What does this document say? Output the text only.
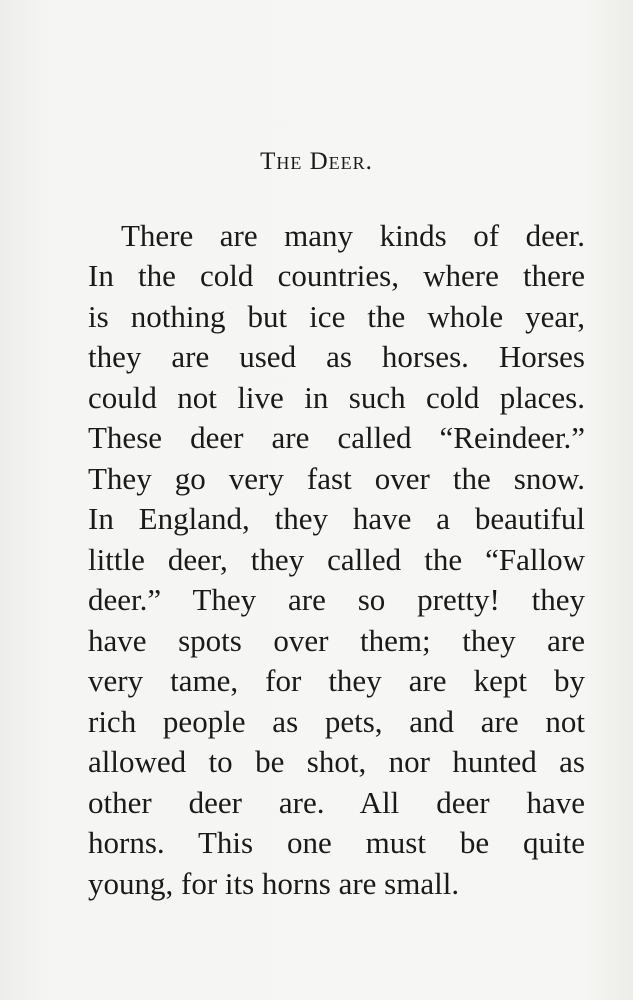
The Deer.
There are many kinds of deer.
In the cold countries, where there
is nothing but ice the whole year,
they are used as horses. Horses
could not live in such cold places.
These deer are called “Reindeer.”
They go very fast over the snow.
In England, they have a beautiful
little deer, they called the “Fallow
deer.” They are so pretty! they
have spots over them; they are
very tame, for they are kept by
rich people as pets, and are not
allowed to be shot, nor hunted as
other deer are. All deer have
horns. This one must be quite
young, for its horns are small.
